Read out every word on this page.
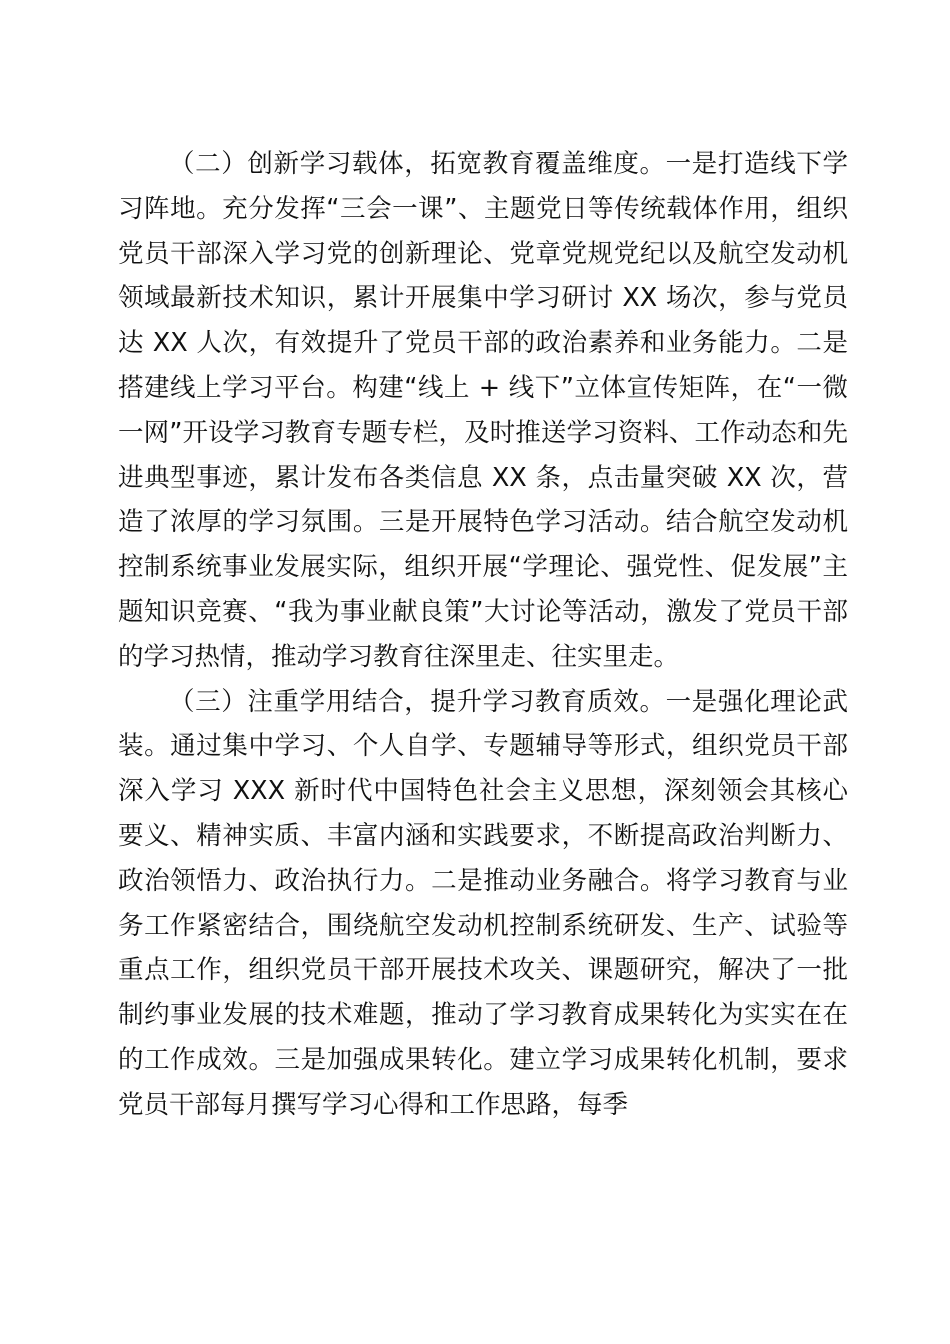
（二）创新学习载体，拓宽教育覆盖维度。一是打造线下学习阵地。充分发挥“三会一课”、主题党日等传统载体作用，组织党员干部深入学习党的创新理论、党章党规党纪以及航空发动机领域最新技术知识，累计开展集中学习研讨 XX 场次，参与党员达 XX 人次，有效提升了党员干部的政治素养和业务能力。二是搭建线上学习平台。构建“线上 + 线下”立体宣传矩阵，在“一微一网”开设学习教育专题专栏，及时推送学习资料、工作动态和先进典型事迹，累计发布各类信息 XX 条，点击量突破 XX 次，营造了浓厚的学习氛围。三是开展特色学习活动。结合航空发动机控制系统事业发展实际，组织开展“学理论、强党性、促发展”主题知识竞赛、“我为事业献良策”大讨论等活动，激发了党员干部的学习热情，推动学习教育往深里走、往实里走。

（三）注重学用结合，提升学习教育质效。一是强化理论武装。通过集中学习、个人自学、专题辅导等形式，组织党员干部深入学习 XXX 新时代中国特色社会主义思想，深刻领会其核心要义、精神实质、丰富内涵和实践要求，不断提高政治判断力、政治领悟力、政治执行力。二是推动业务融合。将学习教育与业务工作紧密结合，围绕航空发动机控制系统研发、生产、试验等重点工作，组织党员干部开展技术攻关、课题研究，解决了一批制约事业发展的技术难题，推动了学习教育成果转化为实实在在的工作成效。三是加强成果转化。建立学习成果转化机制，要求党员干部每月撰写学习心得和工作思路，每季
